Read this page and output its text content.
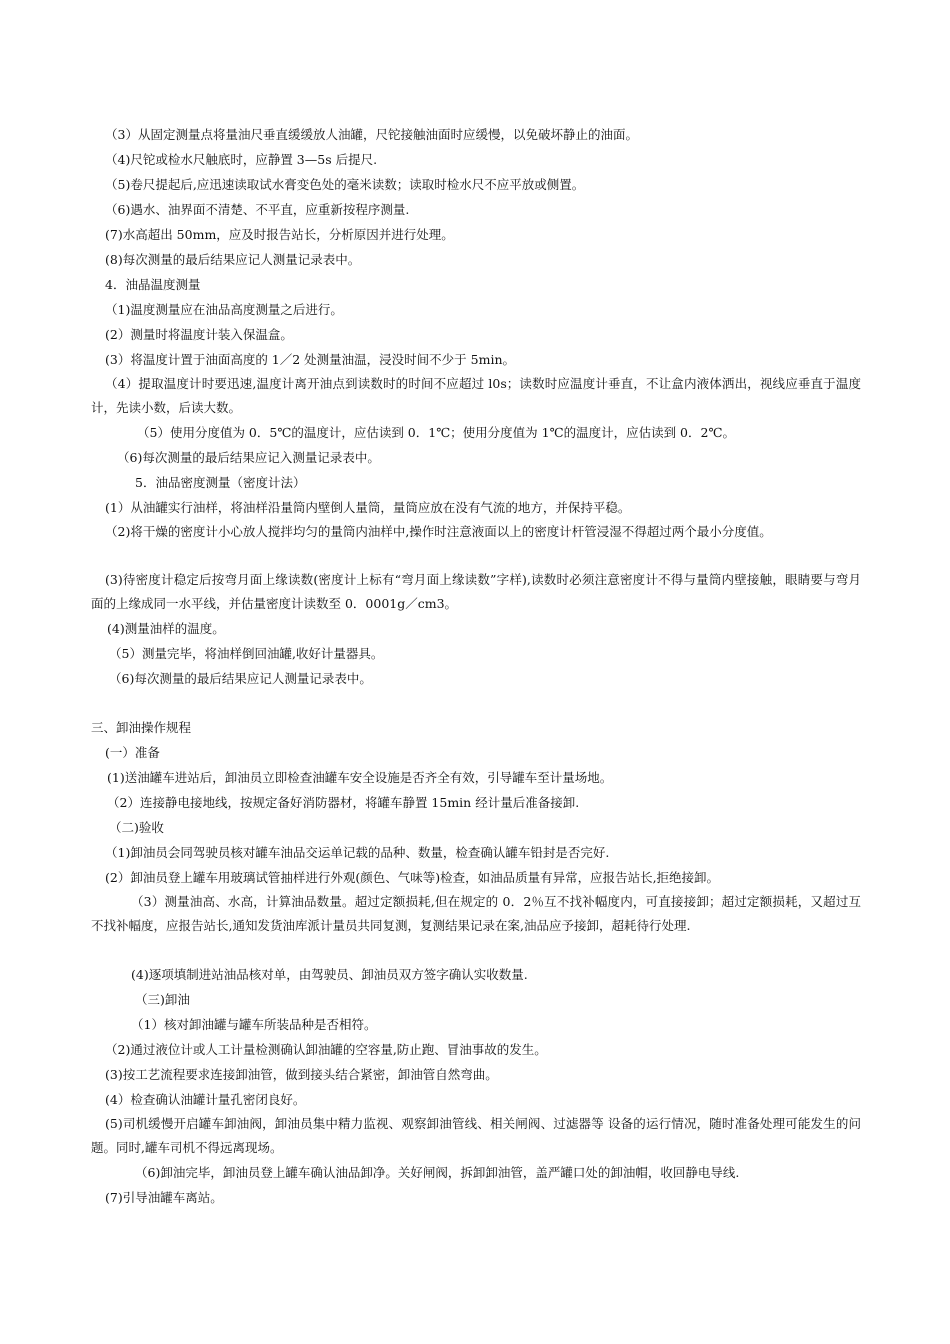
（3）从固定测量点将量油尺垂直缓缓放人油罐，尺铊接触油面时应缓慢，以免破坏静止的油面。
（4)尺铊或检水尺触底时，应静置 3—5s 后提尺.
（5)卷尺提起后,应迅速读取试水膏变色处的毫米读数；读取时检水尺不应平放或侧置。
（6)遇水、油界面不清楚、不平直，应重新按程序测量.
(7)水高超出 50mm，应及时报告站长，分析原因并进行处理。
(8)每次测量的最后结果应记人测量记录表中。
4．油晶温度测量
（1)温度测量应在油品高度测量之后进行。
(2）测量时将温度计装入保温盒。
(3）将温度计置于油面高度的 1／2 处测量油温，浸没时间不少于 5min。
（4）提取温度计时要迅速,温度计离开油点到读数时的时间不应超过 l0s；读数时应温度计垂直，不让盒内液体洒出，视线应垂直于温度计，先读小数，后读大数。
（5）使用分度值为 0．5℃的温度计，应估读到 0．1℃；使用分度值为 1℃的温度计，应估读到 0．2℃。
（6)每次测量的最后结果应记入测量记录表中。
5．油品密度测量（密度计法）
(1）从油罐实行油样，将油样沿量筒内壁倒人量筒，量筒应放在没有气流的地方，并保持平稳。
（2)将干燥的密度计小心放人搅拌均匀的量筒内油样中,操作时注意液面以上的密度计杆管浸湿不得超过两个最小分度值。
(3)待密度计稳定后按弯月面上缘读数(密度计上标有“弯月面上缘读数”字样),读数时必须注意密度计不得与量筒内壁接触，眼睛要与弯月面的上缘成同一水平线，并估量密度计读数至 0．0001g／cm3。
(4)测量油样的温度。
（5）测量完毕，将油样倒回油罐,收好计量器具。
（6)每次测量的最后结果应记人测量记录表中。
三、卸油操作规程
(一）准备
(1)送油罐车进站后，卸油员立即检查油罐车安全设施是否齐全有效，引导罐车至计量场地。
（2）连接静电接地线，按规定备好消防器材，将罐车静置 15min 经计量后准备接卸.
（二)验收
（1)卸油员会同驾驶员核对罐车油品交运单记载的品种、数量，检查确认罐车铅封是否完好.
(2）卸油员登上罐车用玻璃试管抽样进行外观(颜色、气味等)检查，如油品质量有异常，应报告站长,拒绝接卸。
（3）测量油高、水高，计算油品数量。超过定额损耗,但在规定的 0．2％互不找补幅度内，可直接接卸；超过定额损耗，又超过互不找补幅度，应报告站长,通知发货油库派计量员共同复测，复测结果记录在案,油品应予接卸，超耗待行处理.
(4)逐项填制进站油品核对单，由驾驶员、卸油员双方签字确认实收数量.
（三)卸油
（1）核对卸油罐与罐车所装品种是否相符。
（2)通过液位计或人工计量检测确认卸油罐的空容量,防止跑、冒油事故的发生。
(3)按工艺流程要求连接卸油管，做到接头结合紧密，卸油管自然弯曲。
(4）检查确认油罐计量孔密闭良好。
(5)司机缓慢开启罐车卸油阀，卸油员集中精力监视、观察卸油管线、相关闸阀、过滤器等 设备的运行情况，随时准备处理可能发生的问题。同时,罐车司机不得远离现场。
（6)卸油完毕，卸油员登上罐车确认油品卸净。关好闸阀，拆卸卸油管，盖严罐口处的卸油帽，收回静电导线.
(7)引导油罐车离站。
